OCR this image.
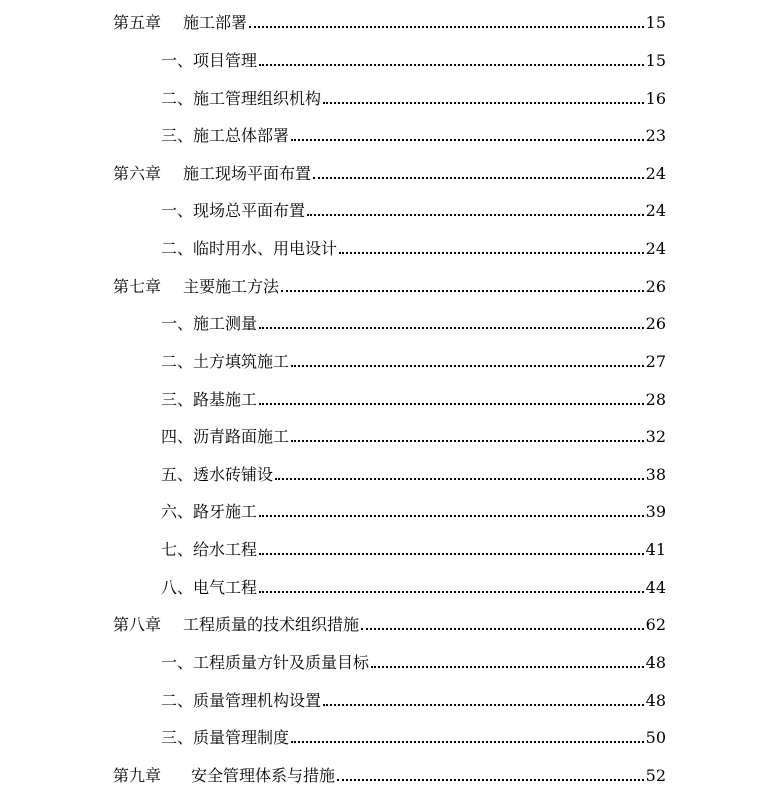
第五章 施工部署	15
一、项目管理	15
二、施工管理组织机构	16
三、施工总体部署	23
第六章 施工现场平面布置	24
一、现场总平面布置	24
二、临时用水、用电设计	24
第七章 主要施工方法	26
一、施工测量	26
二、土方填筑施工	27
三、路基施工	28
四、沥青路面施工	32
五、透水砖铺设	38
六、路牙施工	39
七、给水工程	41
八、电气工程	44
第八章 工程质量的技术组织措施	62
一、工程质量方针及质量目标	48
二、质量管理机构设置	48
三、质量管理制度	50
第九章 安全管理体系与措施	52
